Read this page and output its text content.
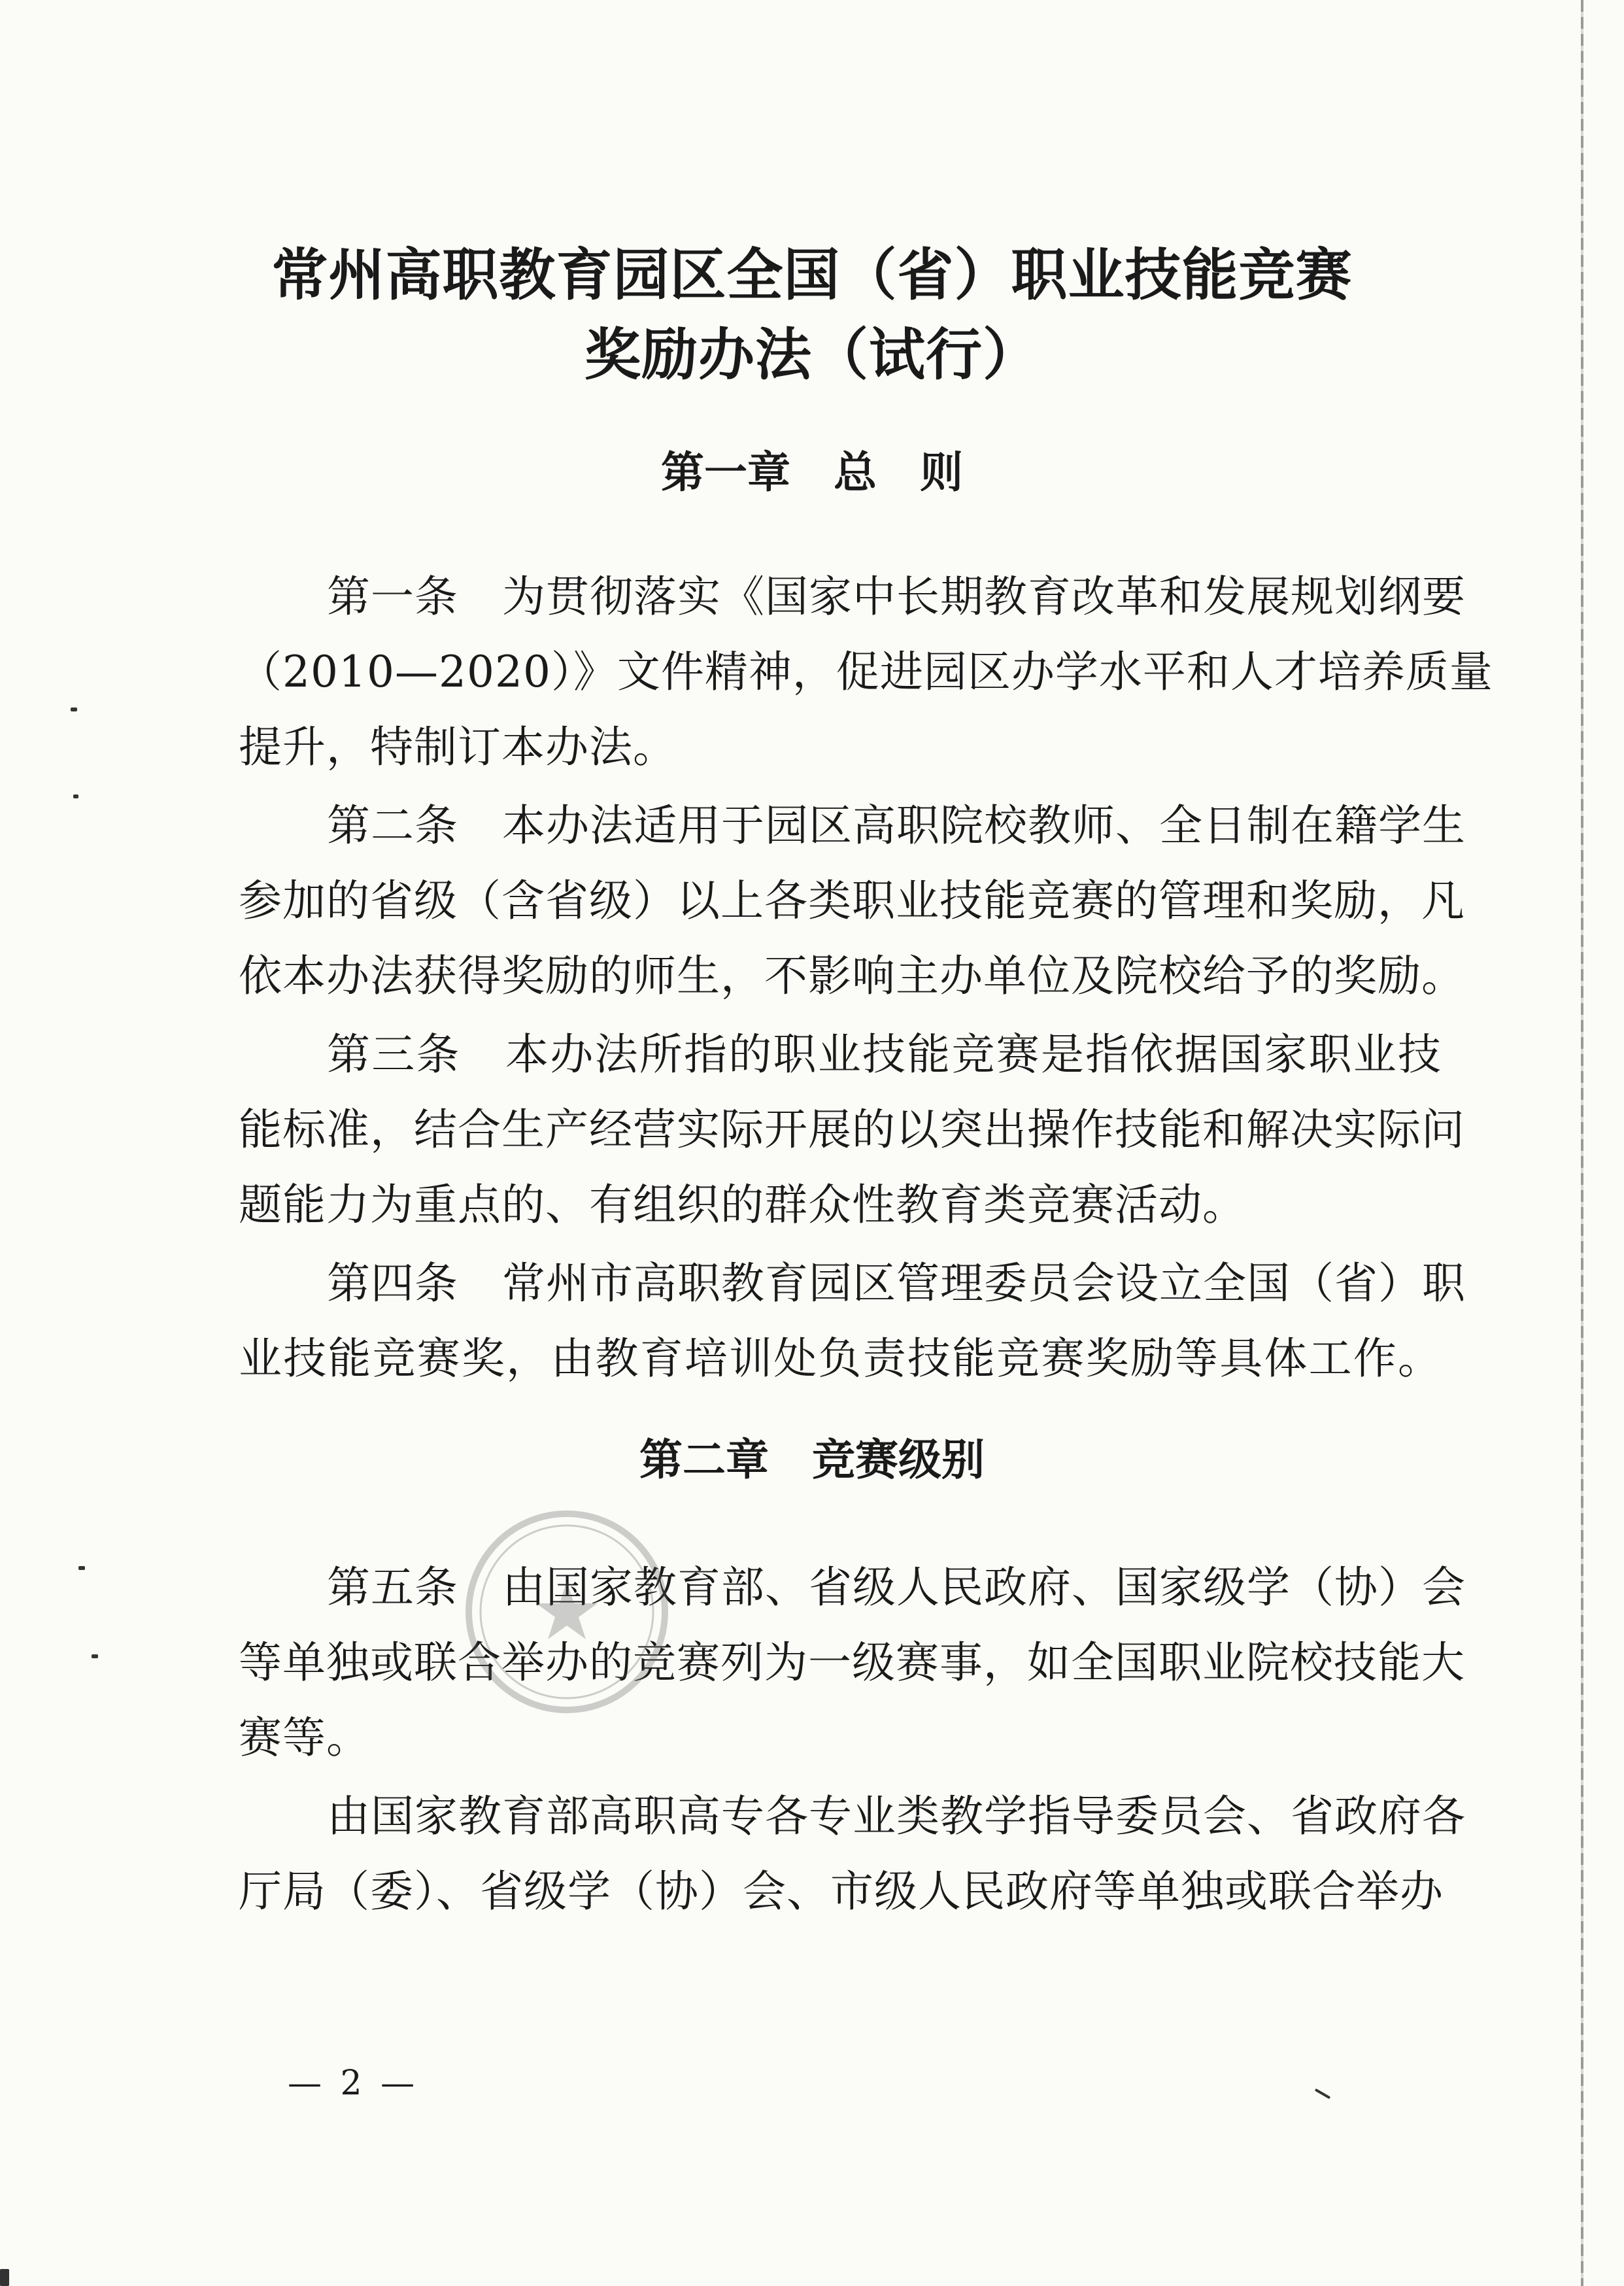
常州高职教育园区全国（省）职业技能竞赛
奖励办法（试行）
第一章　总　则
第一条　为贯彻落实《国家中长期教育改革和发展规划纲要
（2010—2020）》文件精神，促进园区办学水平和人才培养质量
提升，特制订本办法。
第二条　本办法适用于园区高职院校教师、全日制在籍学生
参加的省级（含省级）以上各类职业技能竞赛的管理和奖励，凡
依本办法获得奖励的师生，不影响主办单位及院校给予的奖励。
第三条　本办法所指的职业技能竞赛是指依据国家职业技
能标准，结合生产经营实际开展的以突出操作技能和解决实际问
题能力为重点的、有组织的群众性教育类竞赛活动。
第四条　常州市高职教育园区管理委员会设立全国（省）职
业技能竞赛奖，由教育培训处负责技能竞赛奖励等具体工作。
第二章　竞赛级别
第五条　由国家教育部、省级人民政府、国家级学（协）会
等单独或联合举办的竞赛列为一级赛事，如全国职业院校技能大
赛等。
由国家教育部高职高专各专业类教学指导委员会、省政府各
厅局（委）、省级学（协）会、市级人民政府等单独或联合举办
— 2 —
